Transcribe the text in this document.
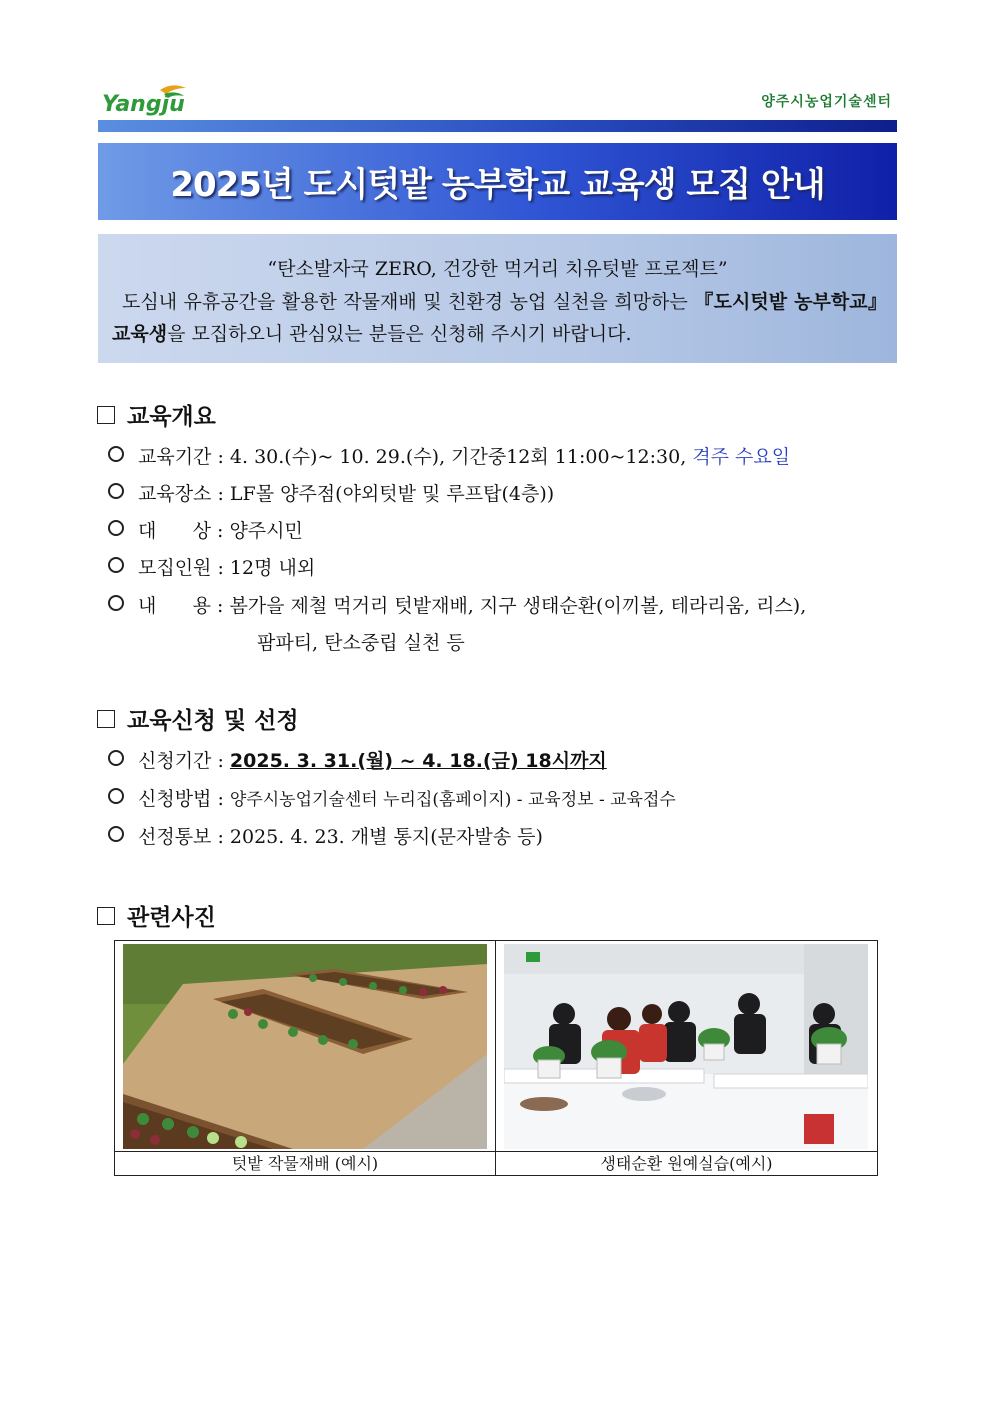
Yangju	양주시농업기술센터
2025년 도시텃밭 농부학교 교육생 모집 안내
“탄소발자국 ZERO, 건강한 먹거리 치유텃밭 프로젝트”
도심내 유휴공간을 활용한 작물재배 및 친환경 농업 실천을 희망하는 『도시텃밭 농부학교』 교육생을 모집하오니 관심있는 분들은 신청해 주시기 바랍니다.
교육개요
교육기간 : 4. 30.(수)~ 10. 29.(수), 기간중12회 11:00~12:30, 격주 수요일
교육장소 : LF몰 양주점(야외텃밭 및 루프탑(4층))
대      상 : 양주시민
모집인원 : 12명 내외
내      용 : 봄가을 제철 먹거리 텃밭재배, 지구 생태순환(이끼볼, 테라리움, 리스),
팜파티, 탄소중립 실천 등
교육신청 및 선정
신청기간 : 2025. 3. 31.(월) ~ 4. 18.(금) 18시까지
신청방법 : 양주시농업기술센터 누리집(홈페이지) - 교육정보 - 교육접수
선정통보 : 2025. 4. 23. 개별 통지(문자발송 등)
관련사진
텃밭 작물재배 (예시)	생태순환 원예실습(예시)
